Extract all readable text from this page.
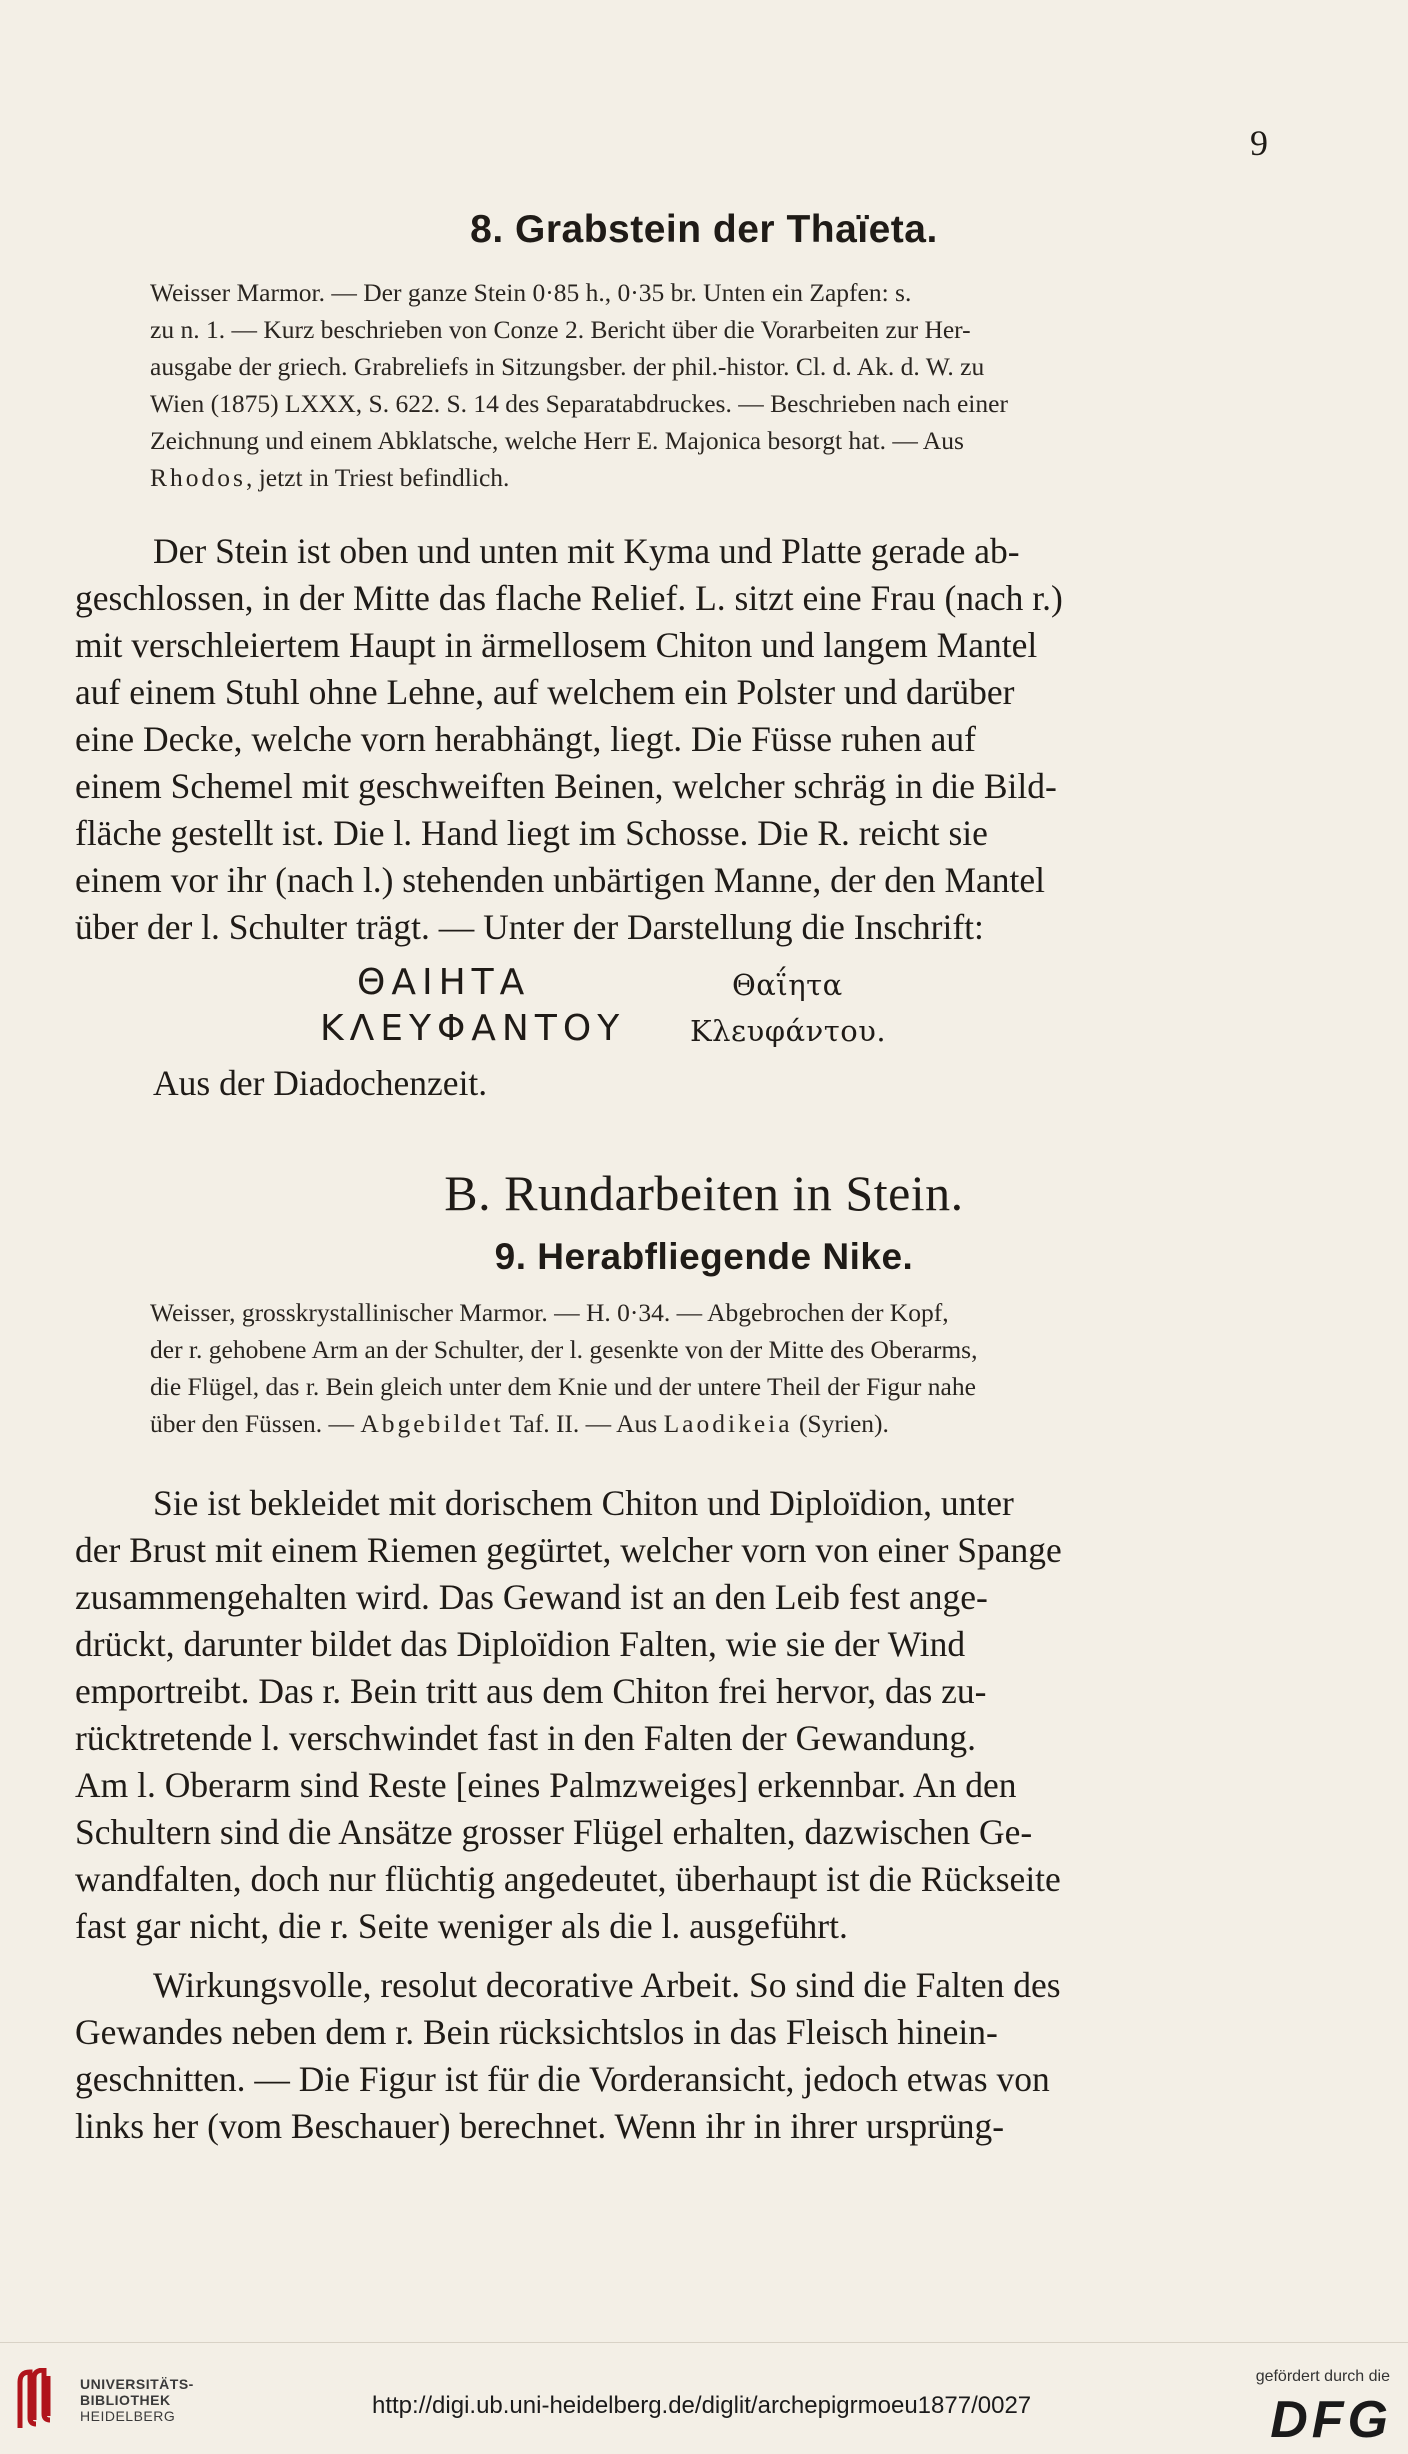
9
8. Grabstein der Thaïeta.

Weisser Marmor. — Der ganze Stein 0·85 h., 0·35 br. Unten ein Zapfen: s.

zu n. 1. — Kurz beschrieben von Conze 2. Bericht über die Vorarbeiten zur Her-

ausgabe der griech. Grabreliefs in Sitzungsber. der phil.-histor. Cl. d. Ak. d. W. zu

Wien (1875) LXXX, S. 622. S. 14 des Separatabdruckes. — Beschrieben nach einer

Zeichnung und einem Abklatsche, welche Herr E. Majonica besorgt hat. — Aus

Rhodos, jetzt in Triest befindlich.

Der Stein ist oben und unten mit Kyma und Platte gerade ab-

geschlossen, in der Mitte das flache Relief. L. sitzt eine Frau (nach r.)

mit verschleiertem Haupt in ärmellosem Chiton und langem Mantel

auf einem Stuhl ohne Lehne, auf welchem ein Polster und darüber

eine Decke, welche vorn herabhängt, liegt. Die Füsse ruhen auf

einem Schemel mit geschweiften Beinen, welcher schräg in die Bild-

fläche gestellt ist. Die l. Hand liegt im Schosse. Die R. reicht sie

einem vor ihr (nach l.) stehenden unbärtigen Manne, der den Mantel

über der l. Schulter trägt. — Unter der Darstellung die Inschrift:

ΘΑΙΗΤΑ	Θαΐητα
ΚΛΕΥΦΑΝΤΟΥ Κλευφάντου.

Aus der Diadochenzeit.

B. Rundarbeiten in Stein.
9. Herabfliegende Nike.

Weisser, grosskrystallinischer Marmor. — H. 0·34. — Abgebrochen der Kopf,

der r. gehobene Arm an der Schulter, der l. gesenkte von der Mitte des Oberarms,

die Flügel, das r. Bein gleich unter dem Knie und der untere Theil der Figur nahe

über den Füssen. — Abgebildet Taf. II. — Aus Laodikeia (Syrien).

Sie ist bekleidet mit dorischem Chiton und Diploïdion, unter

der Brust mit einem Riemen gegürtet, welcher vorn von einer Spange

zusammengehalten wird. Das Gewand ist an den Leib fest ange-

drückt, darunter bildet das Diploïdion Falten, wie sie der Wind

emportreibt. Das r. Bein tritt aus dem Chiton frei hervor, das zu-

rücktretende l. verschwindet fast in den Falten der Gewandung.

Am l. Oberarm sind Reste [eines Palmzweiges] erkennbar. An den

Schultern sind die Ansätze grosser Flügel erhalten, dazwischen Ge-

wandfalten, doch nur flüchtig angedeutet, überhaupt ist die Rückseite

fast gar nicht, die r. Seite weniger als die l. ausgeführt.

Wirkungsvolle, resolut decorative Arbeit. So sind die Falten des

Gewandes neben dem r. Bein rücksichtslos in das Fleisch hinein-

geschnitten. — Die Figur ist für die Vorderansicht, jedoch etwas von

links her (vom Beschauer) berechnet. Wenn ihr in ihrer ursprüng-

UNIVERSITÄTS-
BIBLIOTHEK
HEIDELBERG	http://digi.ub.uni-heidelberg.de/diglit/archepigrmoeu1877/0027
gefördert durch die
DFG
